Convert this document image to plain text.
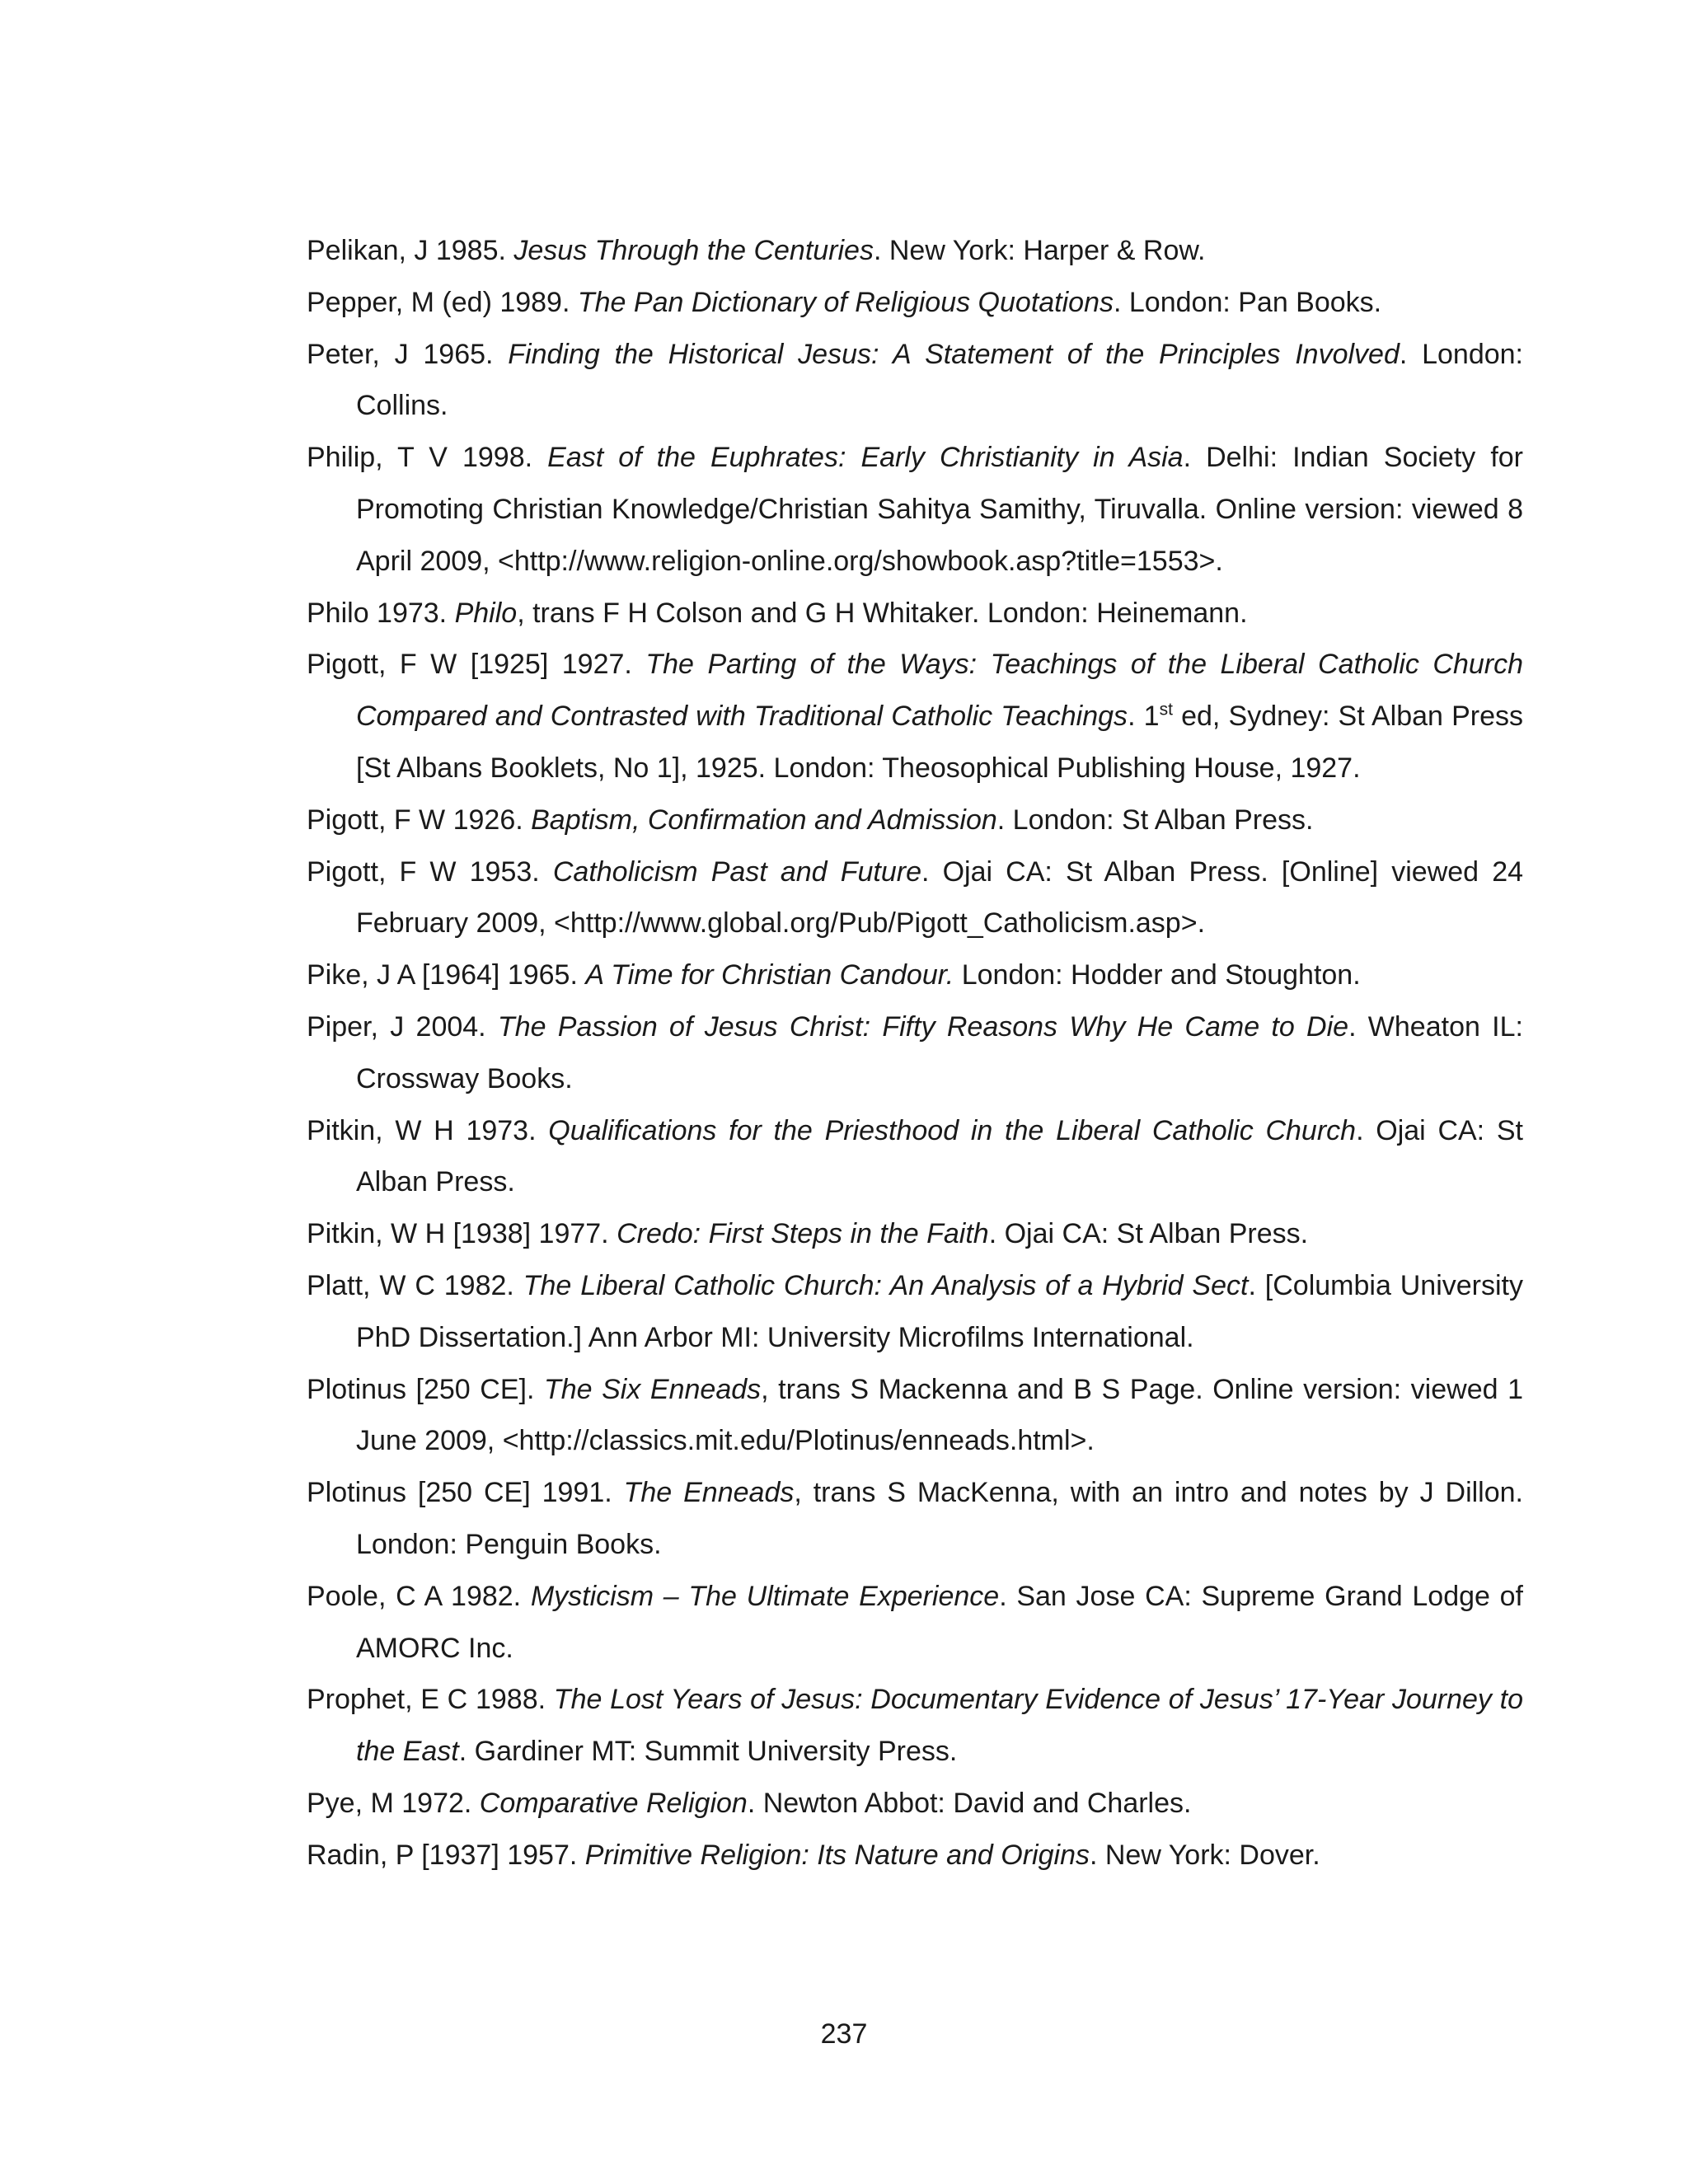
Pelikan, J 1985. Jesus Through the Centuries. New York: Harper & Row.

Pepper, M (ed) 1989. The Pan Dictionary of Religious Quotations. London: Pan Books.

Peter, J 1965. Finding the Historical Jesus: A Statement of the Principles Involved. London: Collins.

Philip, T V 1998. East of the Euphrates: Early Christianity in Asia. Delhi: Indian Society for Promoting Christian Knowledge/Christian Sahitya Samithy, Tiruvalla. Online version: viewed 8 April 2009, <http://www.religion-online.org/showbook.asp?title=1553>.

Philo 1973. Philo, trans F H Colson and G H Whitaker. London: Heinemann.

Pigott, F W [1925] 1927. The Parting of the Ways: Teachings of the Liberal Catholic Church Compared and Contrasted with Traditional Catholic Teachings. 1st ed, Sydney: St Alban Press [St Albans Booklets, No 1], 1925. London: Theosophical Publishing House, 1927.

Pigott, F W 1926. Baptism, Confirmation and Admission. London: St Alban Press.

Pigott, F W 1953. Catholicism Past and Future. Ojai CA: St Alban Press. [Online] viewed 24 February 2009, <http://www.global.org/Pub/Pigott_Catholicism.asp>.

Pike, J A [1964] 1965. A Time for Christian Candour. London: Hodder and Stoughton.

Piper, J 2004. The Passion of Jesus Christ: Fifty Reasons Why He Came to Die. Wheaton IL: Crossway Books.

Pitkin, W H 1973. Qualifications for the Priesthood in the Liberal Catholic Church. Ojai CA: St Alban Press.

Pitkin, W H [1938] 1977. Credo: First Steps in the Faith. Ojai CA: St Alban Press.

Platt, W C 1982. The Liberal Catholic Church: An Analysis of a Hybrid Sect. [Columbia University PhD Dissertation.] Ann Arbor MI: University Microfilms International.

Plotinus [250 CE]. The Six Enneads, trans S Mackenna and B S Page. Online version: viewed 1 June 2009, <http://classics.mit.edu/Plotinus/enneads.html>.

Plotinus [250 CE] 1991. The Enneads, trans S MacKenna, with an intro and notes by J Dillon. London: Penguin Books.

Poole, C A 1982. Mysticism – The Ultimate Experience. San Jose CA: Supreme Grand Lodge of AMORC Inc.

Prophet, E C 1988. The Lost Years of Jesus: Documentary Evidence of Jesus’ 17-Year Journey to the East. Gardiner MT: Summit University Press.

Pye, M 1972. Comparative Religion. Newton Abbot: David and Charles.

Radin, P [1937] 1957. Primitive Religion: Its Nature and Origins. New York: Dover.

237
